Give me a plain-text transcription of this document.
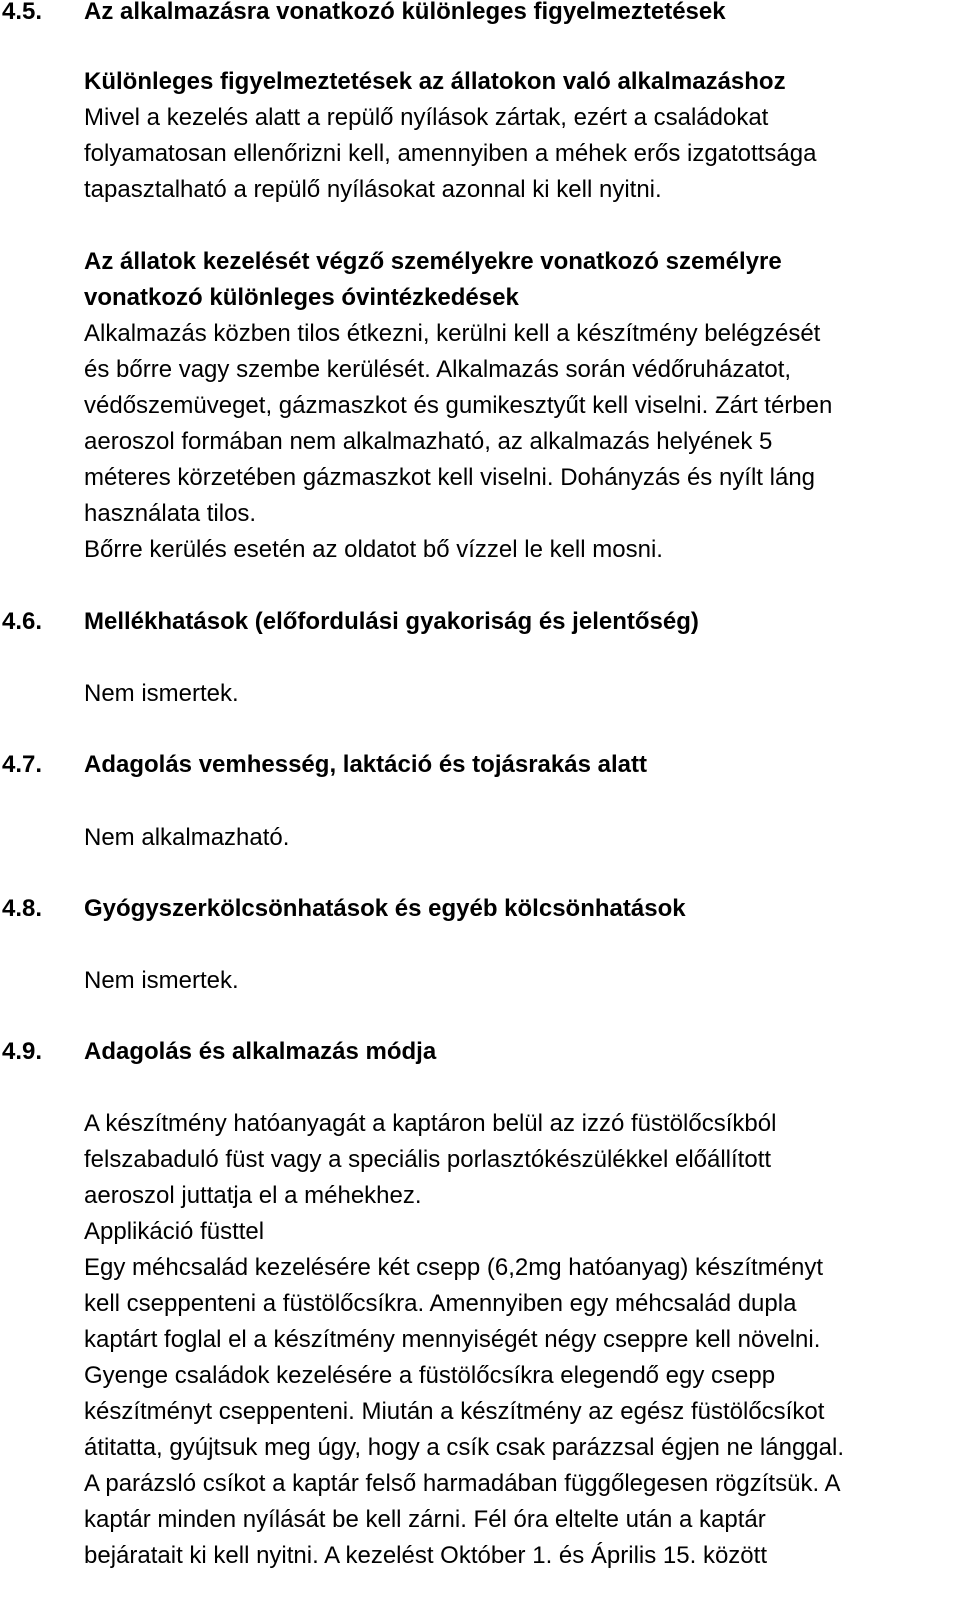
4.5. Az alkalmazásra vonatkozó különleges figyelmeztetések
Különleges figyelmeztetések az állatokon való alkalmazáshoz
Mivel a kezelés alatt a repülő nyílások zártak, ezért a családokat
folyamatosan ellenőrizni kell, amennyiben a méhek erős izgatottsága
tapasztalható a repülő nyílásokat azonnal ki kell nyitni.
Az állatok kezelését végző személyekre vonatkozó személyre
vonatkozó különleges óvintézkedések
Alkalmazás közben tilos étkezni, kerülni kell a készítmény belégzését
és bőrre vagy szembe kerülését. Alkalmazás során védőruházatot,
védőszemüveget, gázmaszkot és gumikesztyűt kell viselni. Zárt térben
aeroszol formában nem alkalmazható, az alkalmazás helyének 5
méteres körzetében gázmaszkot kell viselni. Dohányzás és nyílt láng
használata tilos.
Bőrre kerülés esetén az oldatot bő vízzel le kell mosni.
4.6. Mellékhatások (előfordulási gyakoriság és jelentőség)
Nem ismertek.
4.7. Adagolás vemhesség, laktáció és tojásrakás alatt
Nem alkalmazható.
4.8. Gyógyszerkölcsönhatások és egyéb kölcsönhatások
Nem ismertek.
4.9. Adagolás és alkalmazás módja
A készítmény hatóanyagát a kaptáron belül az izzó füstölőcsíkból
felszabaduló füst vagy a speciális porlasztókészülékkel előállított
aeroszol juttatja el a méhekhez.
Applikáció füsttel
Egy méhcsalád kezelésére két csepp (6,2mg hatóanyag) készítményt
kell cseppenteni a füstölőcsíkra. Amennyiben egy méhcsalád dupla
kaptárt foglal el a készítmény mennyiségét négy cseppre kell növelni.
Gyenge családok kezelésére a füstölőcsíkra elegendő egy csepp
készítményt cseppenteni. Miután a készítmény az egész füstölőcsíkot
átitatta, gyújtsuk meg úgy, hogy a csík csak parázzsal égjen ne lánggal.
A parázsló csíkot a kaptár felső harmadában függőlegesen rögzítsük. A
kaptár minden nyílását be kell zárni. Fél óra eltelte után a kaptár
bejáratait ki kell nyitni. A kezelést Október 1. és Április 15. között
